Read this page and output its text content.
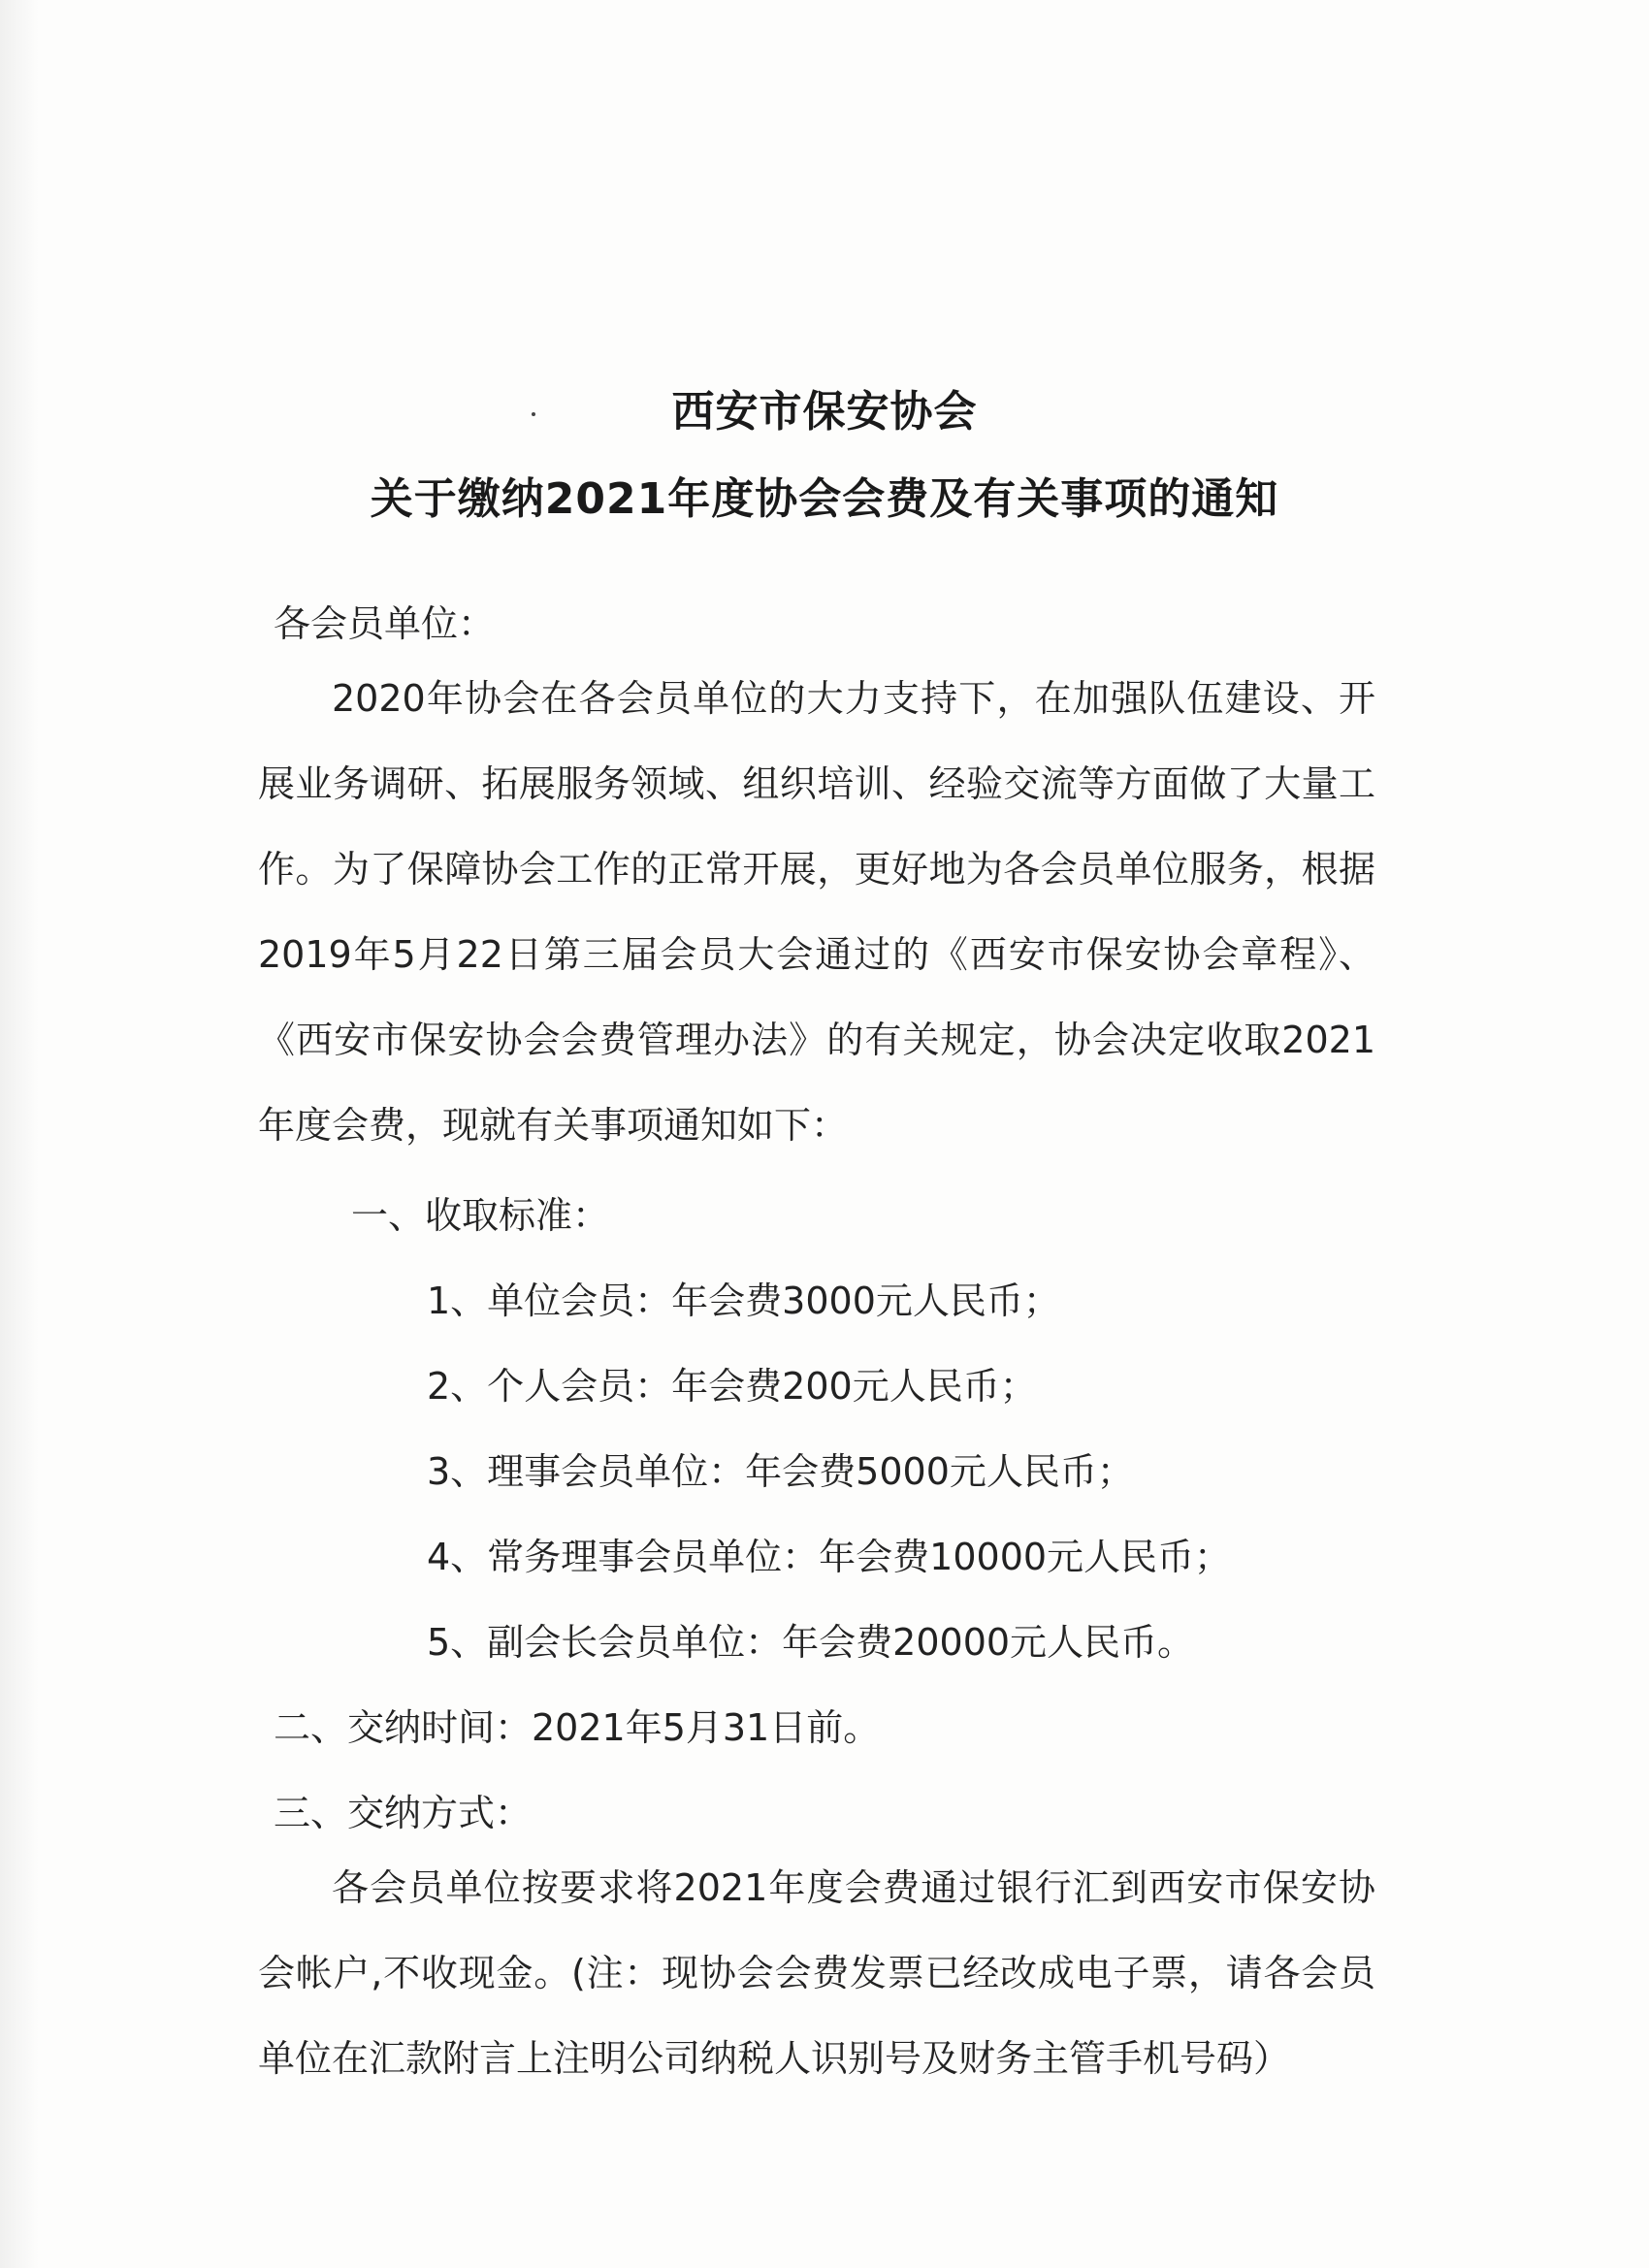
西安市保安协会
关于缴纳2021年度协会会费及有关事项的通知
各会员单位：

2020年协会在各会员单位的大力支持下，在加强队伍建设、开展业务调研、拓展服务领域、组织培训、经验交流等方面做了大量工作。为了保障协会工作的正常开展，更好地为各会员单位服务，根据2019年5月22日第三届会员大会通过的《西安市保安协会章程》、《西安市保安协会会费管理办法》的有关规定，协会决定收取2021年度会费，现就有关事项通知如下：

一、收取标准：
1、单位会员：年会费3000元人民币；
2、个人会员：年会费200元人民币；
3、理事会员单位：年会费5000元人民币；
4、常务理事会员单位：年会费10000元人民币；
5、副会长会员单位：年会费20000元人民币。
二、交纳时间：2021年5月31日前。
三、交纳方式：

各会员单位按要求将2021年度会费通过银行汇到西安市保安协会帐户,不收现金。(注：现协会会费发票已经改成电子票，请各会员单位在汇款附言上注明公司纳税人识别号及财务主管手机号码）
